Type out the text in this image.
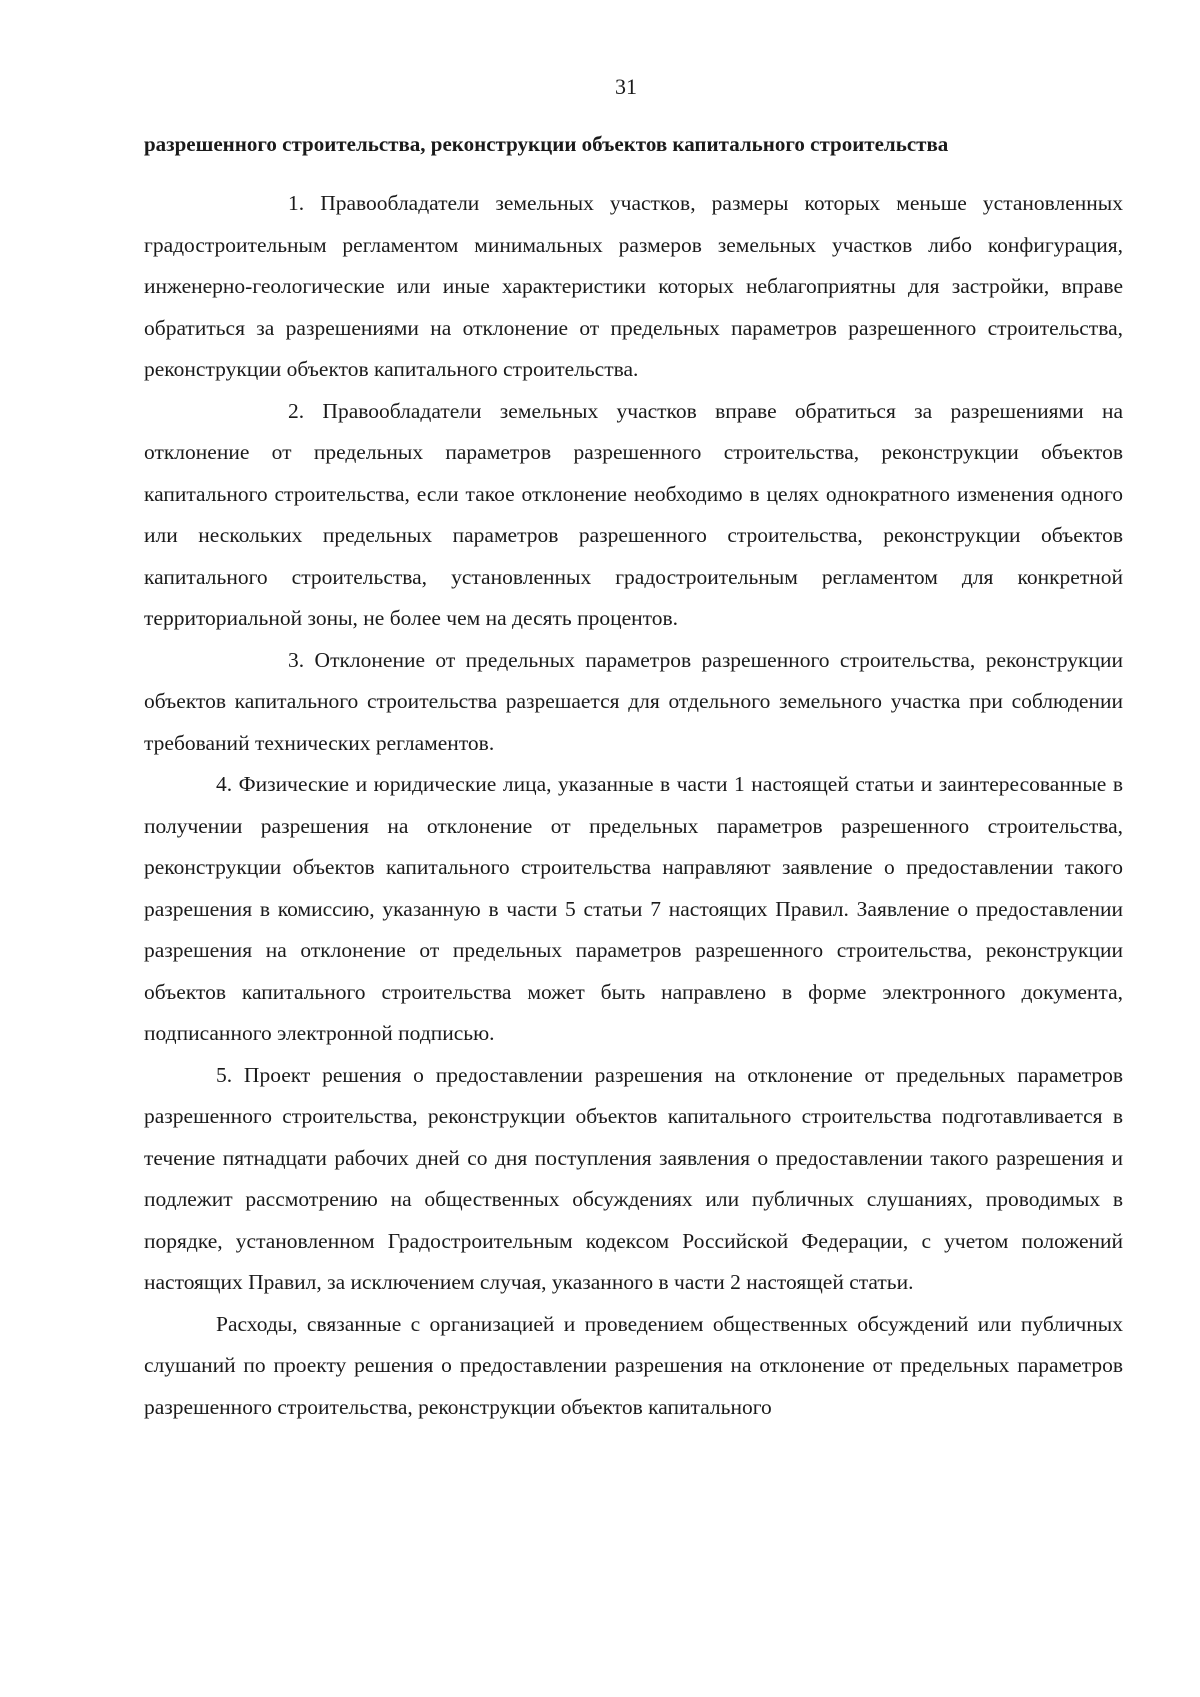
31

разрешенного строительства, реконструкции объектов капитального строительства

1. Правообладатели земельных участков, размеры которых меньше установленных градостроительным регламентом минимальных размеров земельных участков либо конфигурация, инженерно-геологические или иные характеристики которых неблагоприятны для застройки, вправе обратиться за разрешениями на отклонение от предельных параметров разрешенного строительства, реконструкции объектов капитального строительства.

2. Правообладатели земельных участков вправе обратиться за разрешениями на отклонение от предельных параметров разрешенного строительства, реконструкции объектов капитального строительства, если такое отклонение необходимо в целях однократного изменения одного или нескольких предельных параметров разрешенного строительства, реконструкции объектов капитального строительства, установленных градостроительным регламентом для конкретной территориальной зоны, не более чем на десять процентов.

3. Отклонение от предельных параметров разрешенного строительства, реконструкции объектов капитального строительства разрешается для отдельного земельного участка при соблюдении требований технических регламентов.

4. Физические и юридические лица, указанные в части 1 настоящей статьи и заинтересованные в получении разрешения на отклонение от предельных параметров разрешенного строительства, реконструкции объектов капитального строительства направляют заявление о предоставлении такого разрешения в комиссию, указанную в части 5 статьи 7 настоящих Правил. Заявление о предоставлении разрешения на отклонение от предельных параметров разрешенного строительства, реконструкции объектов капитального строительства может быть направлено в форме электронного документа, подписанного электронной подписью.

5. Проект решения о предоставлении разрешения на отклонение от предельных параметров разрешенного строительства, реконструкции объектов капитального строительства подготавливается в течение пятнадцати рабочих дней со дня поступления заявления о предоставлении такого разрешения и подлежит рассмотрению на общественных обсуждениях или публичных слушаниях, проводимых в порядке, установленном Градостроительным кодексом Российской Федерации, с учетом положений настоящих Правил, за исключением случая, указанного в части 2 настоящей статьи.

Расходы, связанные с организацией и проведением общественных обсуждений или публичных слушаний по проекту решения о предоставлении разрешения на отклонение от предельных параметров разрешенного строительства, реконструкции объектов капитального
